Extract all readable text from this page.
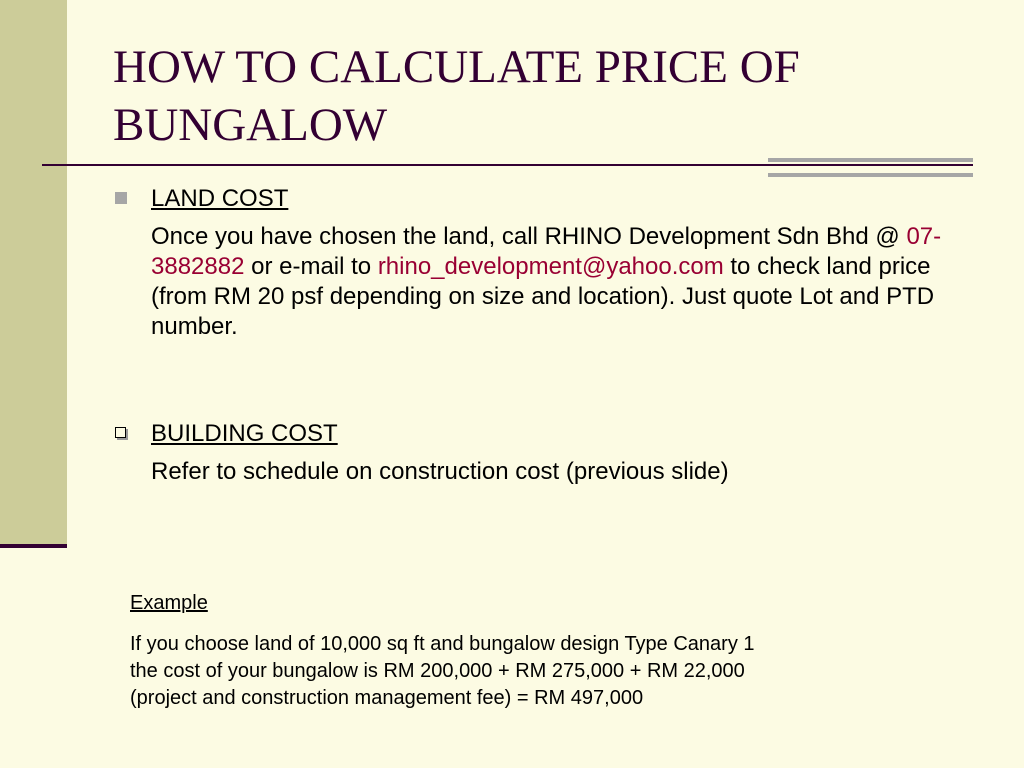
HOW TO CALCULATE PRICE OF
BUNGALOW
LAND COST
Once you have chosen the land, call RHINO Development Sdn Bhd @ 07-3882882 or e-mail to rhino_development@yahoo.com to check land price (from RM 20 psf depending on size and location). Just quote Lot and PTD number.
BUILDING COST
Refer to schedule on construction cost (previous slide)
Example
If you choose land of 10,000 sq ft and bungalow design Type Canary 1
the cost of your bungalow is RM 200,000 + RM 275,000 + RM 22,000
(project and construction management fee) = RM 497,000
